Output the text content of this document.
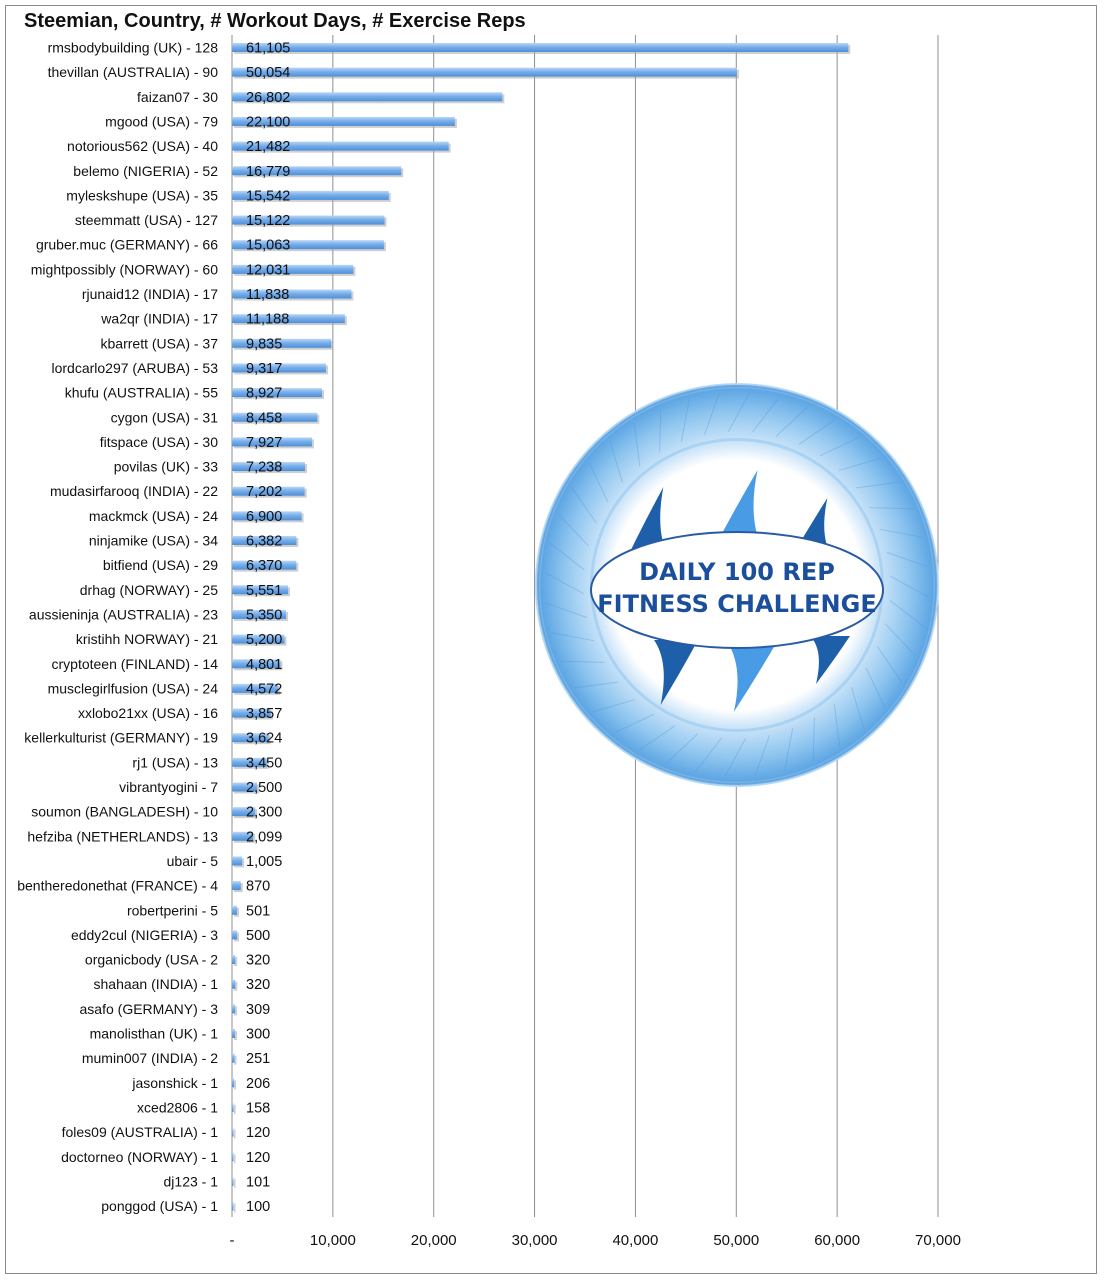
Steemian, Country, # Workout Days, # Exercise Reps
-	10,000	20,000	30,000	40,000	50,000	60,000	70,000
DAILY 100 REP
FITNESS CHALLENGE
rmsbodybuilding (UK) - 128 61,105
thevillan (AUSTRALIA) - 90 50,054
faizan07 - 30 26,802
mgood (USA) - 79 22,100
notorious562 (USA) - 40 21,482
belemo (NIGERIA) - 52 16,779
myleskshupe (USA) - 35 15,542
steemmatt (USA) - 127 15,122
gruber.muc (GERMANY) - 66 15,063
mightpossibly (NORWAY) - 60 12,031
rjunaid12 (INDIA) - 17 11,838
wa2qr (INDIA) - 17 11,188
kbarrett (USA) - 37 9,835
lordcarlo297 (ARUBA) - 53 9,317
khufu (AUSTRALIA) - 55 8,927
cygon (USA) - 31 8,458
fitspace (USA) - 30 7,927
povilas (UK) - 33 7,238
mudasirfarooq (INDIA) - 22 7,202
mackmck (USA) - 24 6,900
ninjamike (USA) - 34 6,382
bitfiend (USA) - 29 6,370
drhag (NORWAY) - 25 5,551
aussieninja (AUSTRALIA) - 23 5,350
kristihh NORWAY) - 21 5,200
cryptoteen (FINLAND) - 14 4,801
musclegirlfusion (USA) - 24 4,572
xxlobo21xx (USA) - 16 3,857
kellerkulturist (GERMANY) - 19 3,624
rj1 (USA) - 13 3,450
vibrantyogini - 7 2,500
soumon (BANGLADESH) - 10 2,300
hefziba (NETHERLANDS) - 13 2,099
ubair - 5 1,005
bentheredonethat (FRANCE) - 4 870
robertperini - 5 501
eddy2cul (NIGERIA) - 3 500
organicbody (USA - 2 320
shahaan (INDIA) - 1 320
asafo (GERMANY) - 3 309
manolisthan (UK) - 1 300
mumin007 (INDIA) - 2 251
jasonshick - 1 206
xced2806 - 1 158
foles09 (AUSTRALIA) - 1 120
doctorneo (NORWAY) - 1 120
dj123 - 1 101
ponggod (USA) - 1 100
